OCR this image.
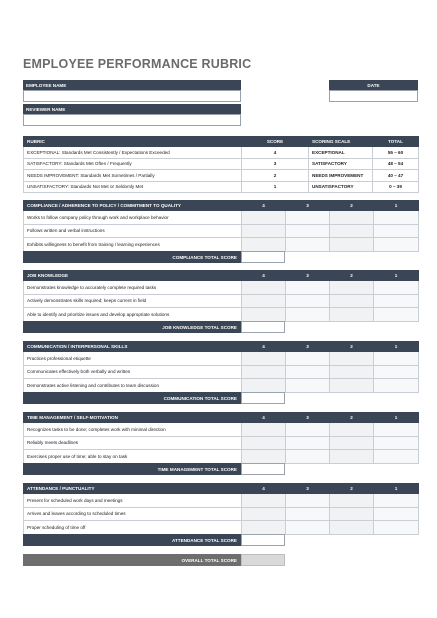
EMPLOYEE PERFORMANCE RUBRIC
EMPLOYEE NAME	DATE
REVIEWER NAME
RUBRIC	SCORE	SCORING SCALE	TOTAL
EXCEPTIONAL: Standards Met Consistently / Expectations Exceeded	4	EXCEPTIONAL	55 – 60
SATISFACTORY: Standards Met Often / Frequently	3	SATISFACTORY	48 – 54
NEEDS IMPROVEMENT: Standards Met Sometimes / Partially	2	NEEDS IMPROVEMENT	40 – 47
UNSATISFACTORY: Standards Not Met or Seldomly Met	1	UNSATISFACTORY	0 – 39
COMPLIANCE / ADHERENCE TO POLICY / COMMITMENT TO QUALITY	4	3	2	1
Works to follow company policy through work and workplace behavior				
Follows written and verbal instructions				
Exhibits willingness to benefit from training / learning experiences				
COMPLIANCE TOTAL SCORE
JOB KNOWLEDGE	4	3	2	1
Demonstrates knowledge to accurately complete required tasks				
Actively demonstrates skills required; keeps current in field				
Able to identify and prioritize issues and develop appropriate solutions				
JOB KNOWLEDGE TOTAL SCORE
COMMUNICATION / INTERPERSONAL SKILLS	4	3	2	1
Practices professional etiquette				
Communicates effectively both verbally and written				
Demonstrates active listening and contributes to team discussion				
COMMUNICATION TOTAL SCORE
TIME MANAGEMENT / SELF-MOTIVATION	4	3	2	1
Recognizes tasks to be done; completes work with minimal direction				
Reliably meets deadlines				
Exercises proper use of time; able to stay on task				
TIME MANAGEMENT TOTAL SCORE
ATTENDANCE / PUNCTUALITY	4	3	2	1
Present for scheduled work days and meetings				
Arrives and leaves according to scheduled times				
Proper scheduling of time off				
ATTENDANCE TOTAL SCORE
OVERALL TOTAL SCORE
